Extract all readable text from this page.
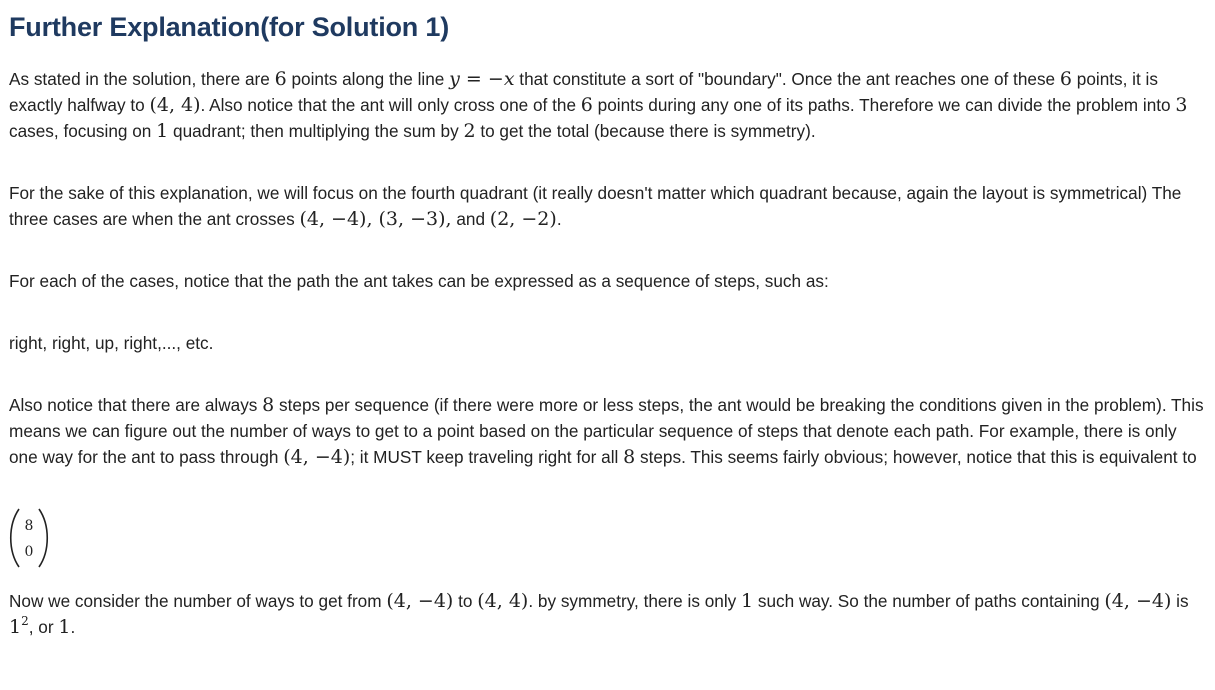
Further Explanation(for Solution 1)

As stated in the solution, there are 6 points along the line y = −x that constitute a sort of "boundary". Once the ant reaches one of these 6 points, it is exactly halfway to (4, 4). Also notice that the ant will only cross one of the 6 points during any one of its paths. Therefore we can divide the problem into 3 cases, focusing on 1 quadrant; then multiplying the sum by 2 to get the total (because there is symmetry).

For the sake of this explanation, we will focus on the fourth quadrant (it really doesn't matter which quadrant because, again the layout is symmetrical) The three cases are when the ant crosses (4, −4), (3, −3), and (2, −2).

For each of the cases, notice that the path the ant takes can be expressed as a sequence of steps, such as:

right, right, up, right,..., etc.

Also notice that there are always 8 steps per sequence (if there were more or less steps, the ant would be breaking the conditions given in the problem). This means we can figure out the number of ways to get to a point based on the particular sequence of steps that denote each path. For example, there is only one way for the ant to pass through (4, −4); it MUST keep traveling right for all 8 steps. This seems fairly obvious; however, notice that this is equivalent to

8
0

Now we consider the number of ways to get from (4, −4) to (4, 4). by symmetry, there is only 1 such way. So the number of paths containing (4, −4) is $1^2$, or 1.
